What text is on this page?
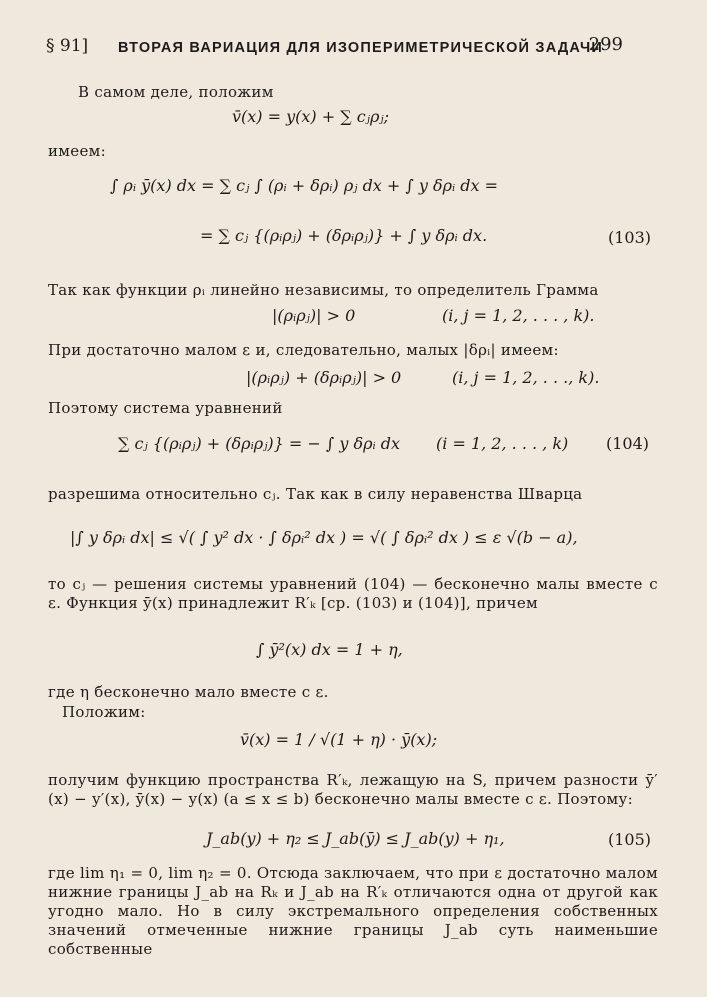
§ 91] ВТОРАЯ ВАРИАЦИЯ ДЛЯ ИЗОПЕРИМЕТРИЧЕСКОЙ ЗАДАЧИ
299
В самом деле, положим
v̄(x) = y(x) + ∑ cⱼρⱼ;
имеем:
∫ ρᵢ ȳ(x) dx = ∑ cⱼ ∫ (ρᵢ + δρᵢ) ρⱼ dx + ∫ y δρᵢ dx =
= ∑ cⱼ {(ρᵢρⱼ) + (δρᵢρⱼ)} + ∫ y δρᵢ dx.	(103)
Так как функции ρᵢ линейно независимы, то определитель Грамма
|(ρᵢρⱼ)| > 0	(i, j = 1, 2, . . . , k).
При достаточно малом ε и, следовательно, малых |δρᵢ| имеем:
|(ρᵢρⱼ) + (δρᵢρⱼ)| > 0	(i, j = 1, 2, . . ., k).
Поэтому система уравнений
∑ cⱼ {(ρᵢρⱼ) + (δρᵢρⱼ)} = − ∫ y δρᵢ dx (i = 1, 2, . . . , k) (104)
разрешима относительно cⱼ. Так как в силу неравенства Шварца
|∫ y δρᵢ dx| ≤ √( ∫ y² dx · ∫ δρᵢ² dx ) = √( ∫ δρᵢ² dx ) ≤ ε √(b − a),
то cⱼ — решения системы уравнений (104) — бесконечно малы вместе с ε. Функция ȳ(x) принадлежит R′ₖ [ср. (103) и (104)], причем
∫ ȳ²(x) dx = 1 + η,
где η бесконечно мало вместе с ε.
Положим:
v̄(x) = 1 / √(1 + η) · ȳ(x);
получим функцию пространства R′ₖ, лежащую на S, причем разности ȳ′(x) − y′(x), ȳ(x) − y(x) (a ≤ x ≤ b) бесконечно малы вместе с ε. Поэтому:
J_ab(y) + η₂ ≤ J_ab(ȳ) ≤ J_ab(y) + η₁,	(105)
где lim η₁ = 0, lim η₂ = 0. Отсюда заключаем, что при ε достаточно малом нижние границы J_ab на Rₖ и J_ab на R′ₖ отличаются одна от другой как угодно мало. Но в силу экстремального определения собственных значений отмеченные нижние границы J_ab суть наименьшие собственные
